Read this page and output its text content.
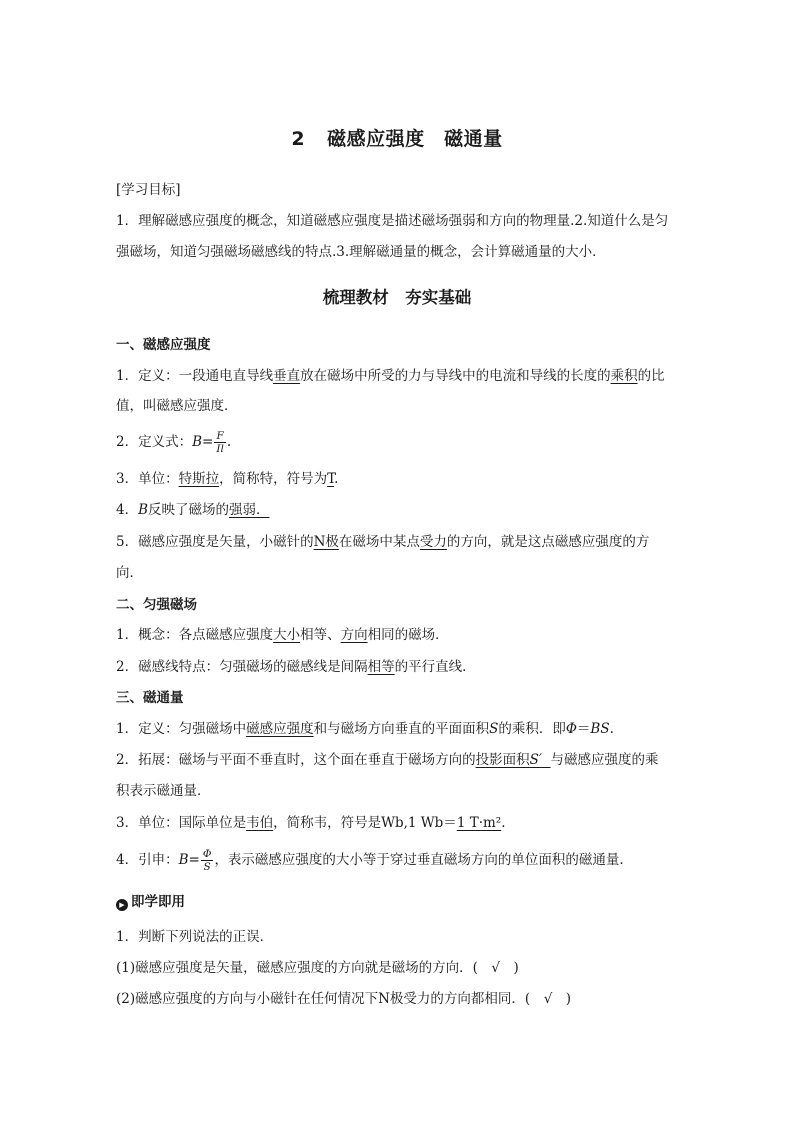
2 磁感应强度　磁通量
[学习目标]
1．理解磁感应强度的概念，知道磁感应强度是描述磁场强弱和方向的物理量.2.知道什么是匀
强磁场，知道匀强磁场磁感线的特点.3.理解磁通量的概念，会计算磁通量的大小．
梳理教材　夯实基础
一、磁感应强度
1．定义：一段通电直导线垂直放在磁场中所受的力与导线中的电流和导线的长度的乘积的比
值，叫磁感应强度．
2．定义式：$B= \frac{F}{Il}$ .
3．单位：特斯拉，简称特，符号为T.
4．B反映了磁场的强弱．
5．磁感应强度是矢量，小磁针的N极在磁场中某点受力的方向，就是这点磁感应强度的方
向．
二、匀强磁场
1．概念：各点磁感应强度大小相等、方向相同的磁场．
2．磁感线特点：匀强磁场的磁感线是间隔相等的平行直线．
三、磁通量
1．定义：匀强磁场中磁感应强度和与磁场方向垂直的平面面积S的乘积．即Φ＝BS.
2．拓展：磁场与平面不垂直时，这个面在垂直于磁场方向的投影面积S′ 与磁感应强度的乘
积表示磁通量．
3．单位：国际单位是韦伯，简称韦，符号是Wb,1 Wb＝1 T·m².
4．引申：$B= \frac{\Phi}{S}$ ，表示磁感应强度的大小等于穿过垂直磁场方向的单位面积的磁通量．
▶ 即学即用
1．判断下列说法的正误．
(1)磁感应强度是矢量，磁感应强度的方向就是磁场的方向．(　√　)
(2)磁感应强度的方向与小磁针在任何情况下N极受力的方向都相同．(　√　)
